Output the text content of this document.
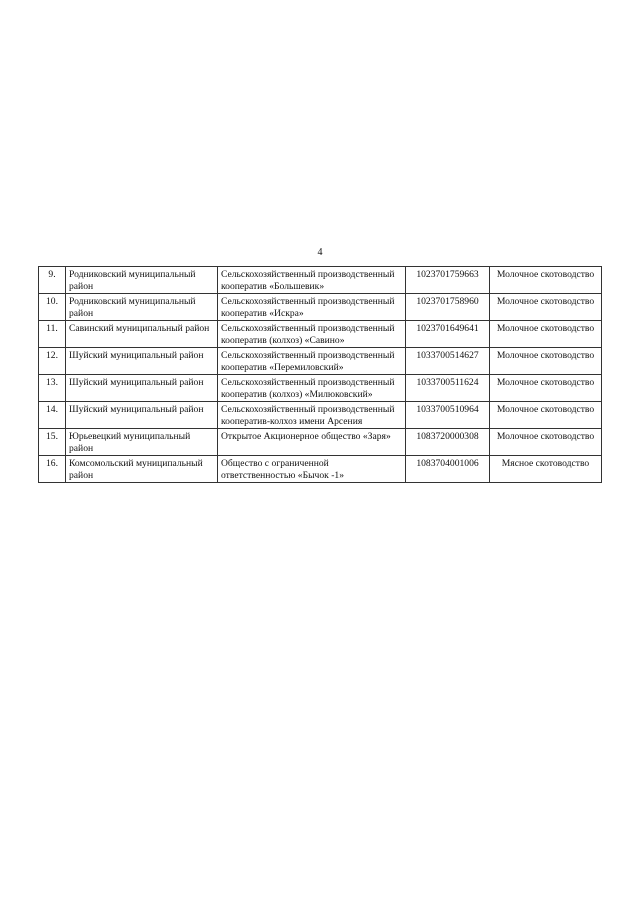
4
9.	Родниковский муниципальный район	Сельскохозяйственный производственный кооператив «Большевик»	1023701759663	Молочное скотоводство
10.	Родниковский муниципальный район	Сельскохозяйственный производственный кооператив «Искра»	1023701758960	Молочное скотоводство
11.	Савинский муниципальный район	Сельскохозяйственный производственный кооператив (колхоз) «Савино»	1023701649641	Молочное скотоводство
12.	Шуйский муниципальный район	Сельскохозяйственный производственный кооператив «Перемиловский»	1033700514627	Молочное скотоводство
13.	Шуйский муниципальный район	Сельскохозяйственный производственный кооператив (колхоз) «Милюковский»	1033700511624	Молочное скотоводство
14.	Шуйский муниципальный район	Сельскохозяйственный производственный кооператив-колхоз имени Арсения	1033700510964	Молочное скотоводство
15.	Юрьевецкий муниципальный район	Открытое Акционерное общество «Заря»	1083720000308	Молочное скотоводство
16.	Комсомольский муниципальный район	Общество с ограниченной ответственностью «Бычок -1»	1083704001006	Мясное скотоводство
